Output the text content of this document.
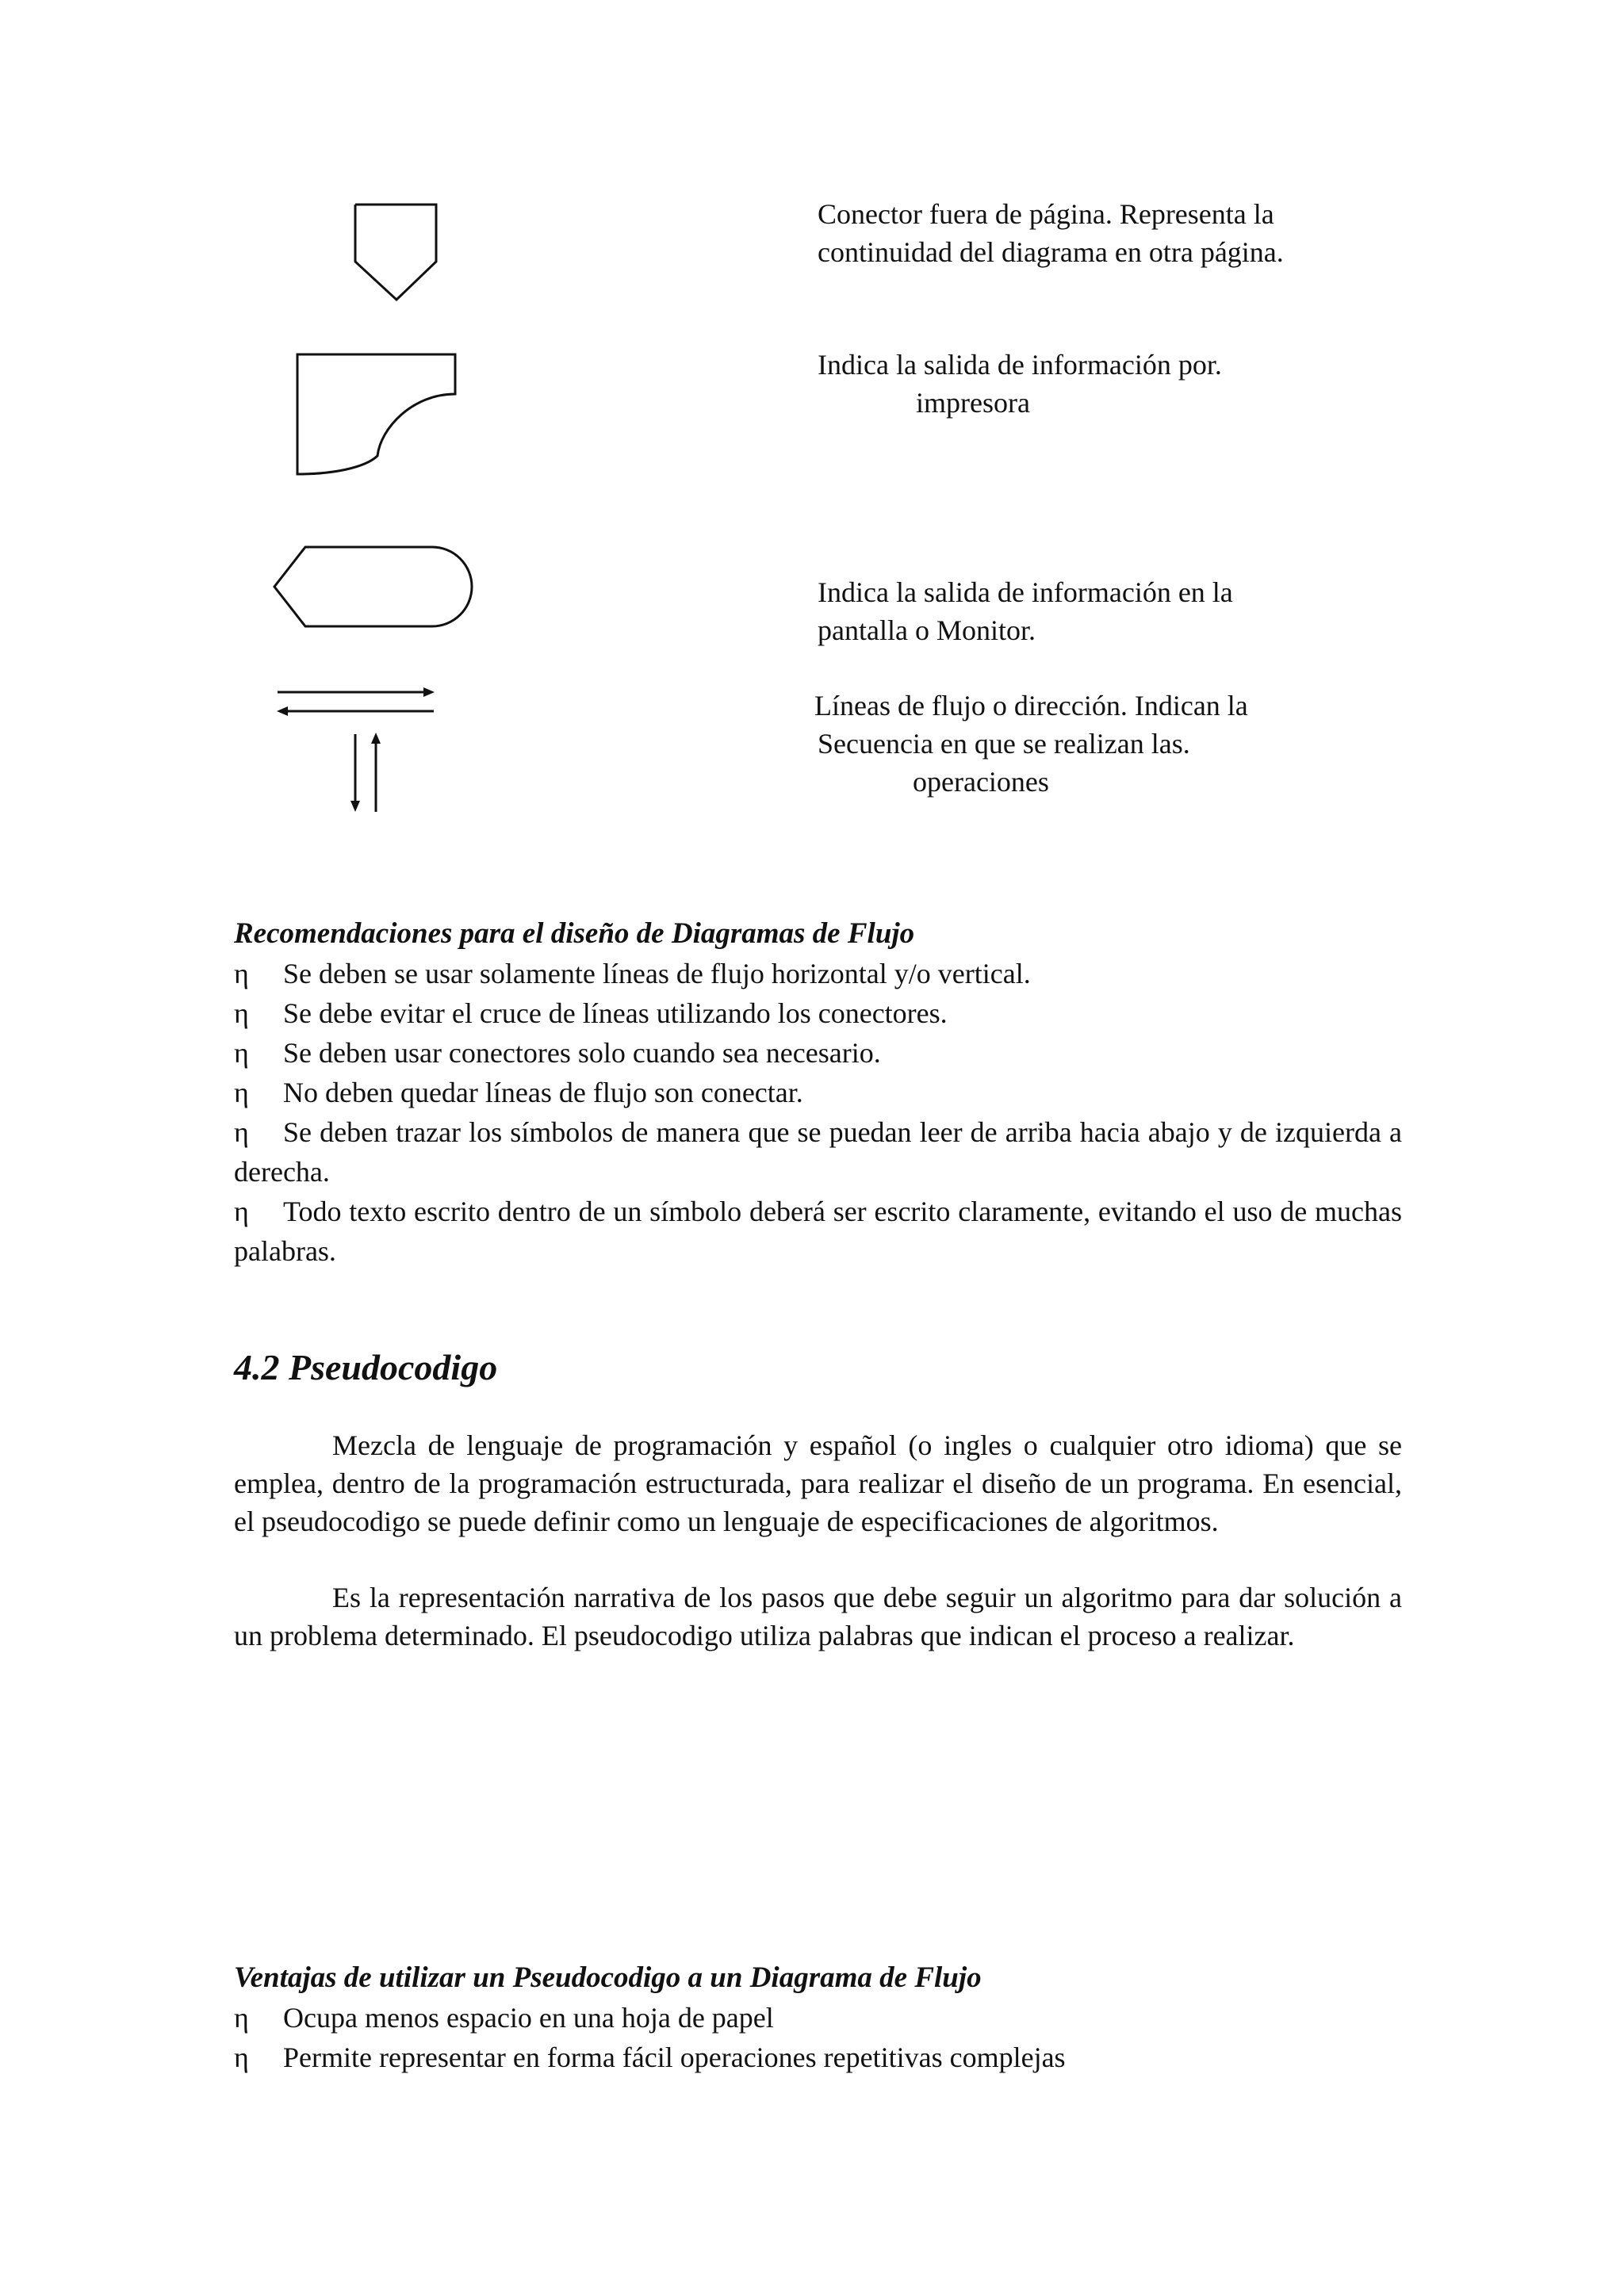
Conector fuera de página. Representa la
continuidad del diagrama en otra página.
Indica la salida de información por.
impresora
Indica la salida de información en la
pantalla o Monitor.
Líneas de flujo o dirección. Indican la
Secuencia en que se realizan las.
operaciones
Recomendaciones para el diseño de Diagramas de Flujo
η	Se deben se usar solamente líneas de flujo horizontal y/o vertical.
η	Se debe evitar el cruce de líneas utilizando los conectores.
η	Se deben usar conectores solo cuando sea necesario.
η	No deben quedar líneas de flujo son conectar.
η	Se deben trazar los símbolos de manera que se puedan leer de arriba hacia abajo y de izquierda a derecha.
η	Todo texto escrito dentro de un símbolo deberá ser escrito claramente, evitando el uso de muchas palabras.
4.2 Pseudocodigo
Mezcla de lenguaje de programación y español (o ingles o cualquier otro idioma) que se emplea, dentro de la programación estructurada, para realizar el diseño de un programa. En esencial, el pseudocodigo se puede definir como un lenguaje de especificaciones de algoritmos.
Es la representación narrativa de los pasos que debe seguir un algoritmo para dar solución a un problema determinado. El pseudocodigo utiliza palabras que indican el proceso a realizar.
Ventajas de utilizar un Pseudocodigo a un Diagrama de Flujo
η	Ocupa menos espacio en una hoja de papel
η	Permite representar en forma fácil operaciones repetitivas complejas
